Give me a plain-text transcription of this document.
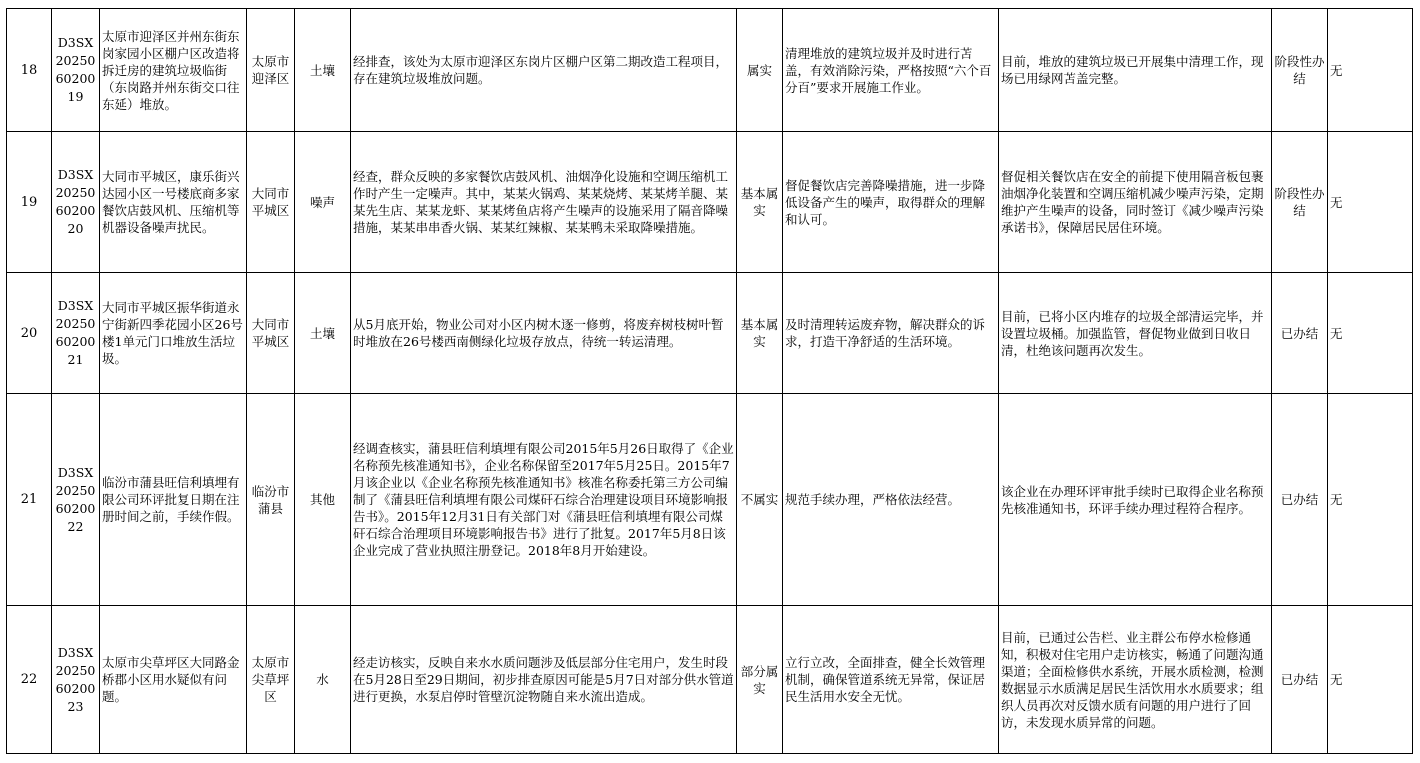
18	D3SX202506020019	太原市迎泽区并州东街东岗家园小区棚户区改造将拆迁房的建筑垃圾临街（东岗路并州东街交口往东延）堆放。	太原市迎泽区	土壤	经排查，该处为太原市迎泽区东岗片区棚户区第二期改造工程项目，存在建筑垃圾堆放问题。	属实	清理堆放的建筑垃圾并及时进行苫盖，有效消除污染，严格按照“六个百分百”要求开展施工作业。	目前，堆放的建筑垃圾已开展集中清理工作，现场已用绿网苫盖完整。	阶段性办结	无
19	D3SX202506020020	大同市平城区，康乐街兴达园小区一号楼底商多家餐饮店鼓风机、压缩机等机器设备噪声扰民。	大同市平城区	噪声	经查，群众反映的多家餐饮店鼓风机、油烟净化设施和空调压缩机工作时产生一定噪声。其中，某某火锅鸡、某某烧烤、某某烤羊腿、某某先生店、某某龙虾、某某烤鱼店将产生噪声的设施采用了隔音降噪措施，某某串串香火锅、某某红辣椒、某某鸭未采取降噪措施。	基本属实	督促餐饮店完善降噪措施，进一步降低设备产生的噪声，取得群众的理解和认可。	督促相关餐饮店在安全的前提下使用隔音板包裹油烟净化装置和空调压缩机减少噪声污染，定期维护产生噪声的设备，同时签订《减少噪声污染承诺书》，保障居民居住环境。	阶段性办结	无
20	D3SX202506020021	大同市平城区振华街道永宁街新四季花园小区26号楼1单元门口堆放生活垃圾。	大同市平城区	土壤	从5月底开始，物业公司对小区内树木逐一修剪，将废弃树枝树叶暂时堆放在26号楼西南侧绿化垃圾存放点，待统一转运清理。	基本属实	及时清理转运废弃物，解决群众的诉求，打造干净舒适的生活环境。	目前，已将小区内堆存的垃圾全部清运完毕，并设置垃圾桶。加强监管，督促物业做到日收日清，杜绝该问题再次发生。	已办结	无
21	D3SX202506020022	临汾市蒲县旺信利填埋有限公司环评批复日期在注册时间之前，手续作假。	临汾市蒲县	其他	经调查核实，蒲县旺信利填埋有限公司2015年5月26日取得了《企业名称预先核准通知书》，企业名称保留至2017年5月25日。2015年7月该企业以《企业名称预先核准通知书》核准名称委托第三方公司编制了《蒲县旺信利填埋有限公司煤矸石综合治理建设项目环境影响报告书》。2015年12月31日有关部门对《蒲县旺信利填埋有限公司煤矸石综合治理项目环境影响报告书》进行了批复。2017年5月8日该企业完成了营业执照注册登记。2018年8月开始建设。	不属实	规范手续办理，严格依法经营。	该企业在办理环评审批手续时已取得企业名称预先核准通知书，环评手续办理过程符合程序。	已办结	无
22	D3SX202506020023	太原市尖草坪区大同路金桥郡小区用水疑似有问题。	太原市尖草坪区	水	经走访核实，反映自来水水质问题涉及低层部分住宅用户，发生时段在5月28日至29日期间，初步排查原因可能是5月7日对部分供水管道进行更换，水泵启停时管壁沉淀物随自来水流出造成。	部分属实	立行立改，全面排查，健全长效管理机制，确保管道系统无异常，保证居民生活用水安全无忧。	目前，已通过公告栏、业主群公布停水检修通知，积极对住宅用户走访核实，畅通了问题沟通渠道；全面检修供水系统，开展水质检测，检测数据显示水质满足居民生活饮用水水质要求；组织人员再次对反馈水质有问题的用户进行了回访，未发现水质异常的问题。	已办结	无
